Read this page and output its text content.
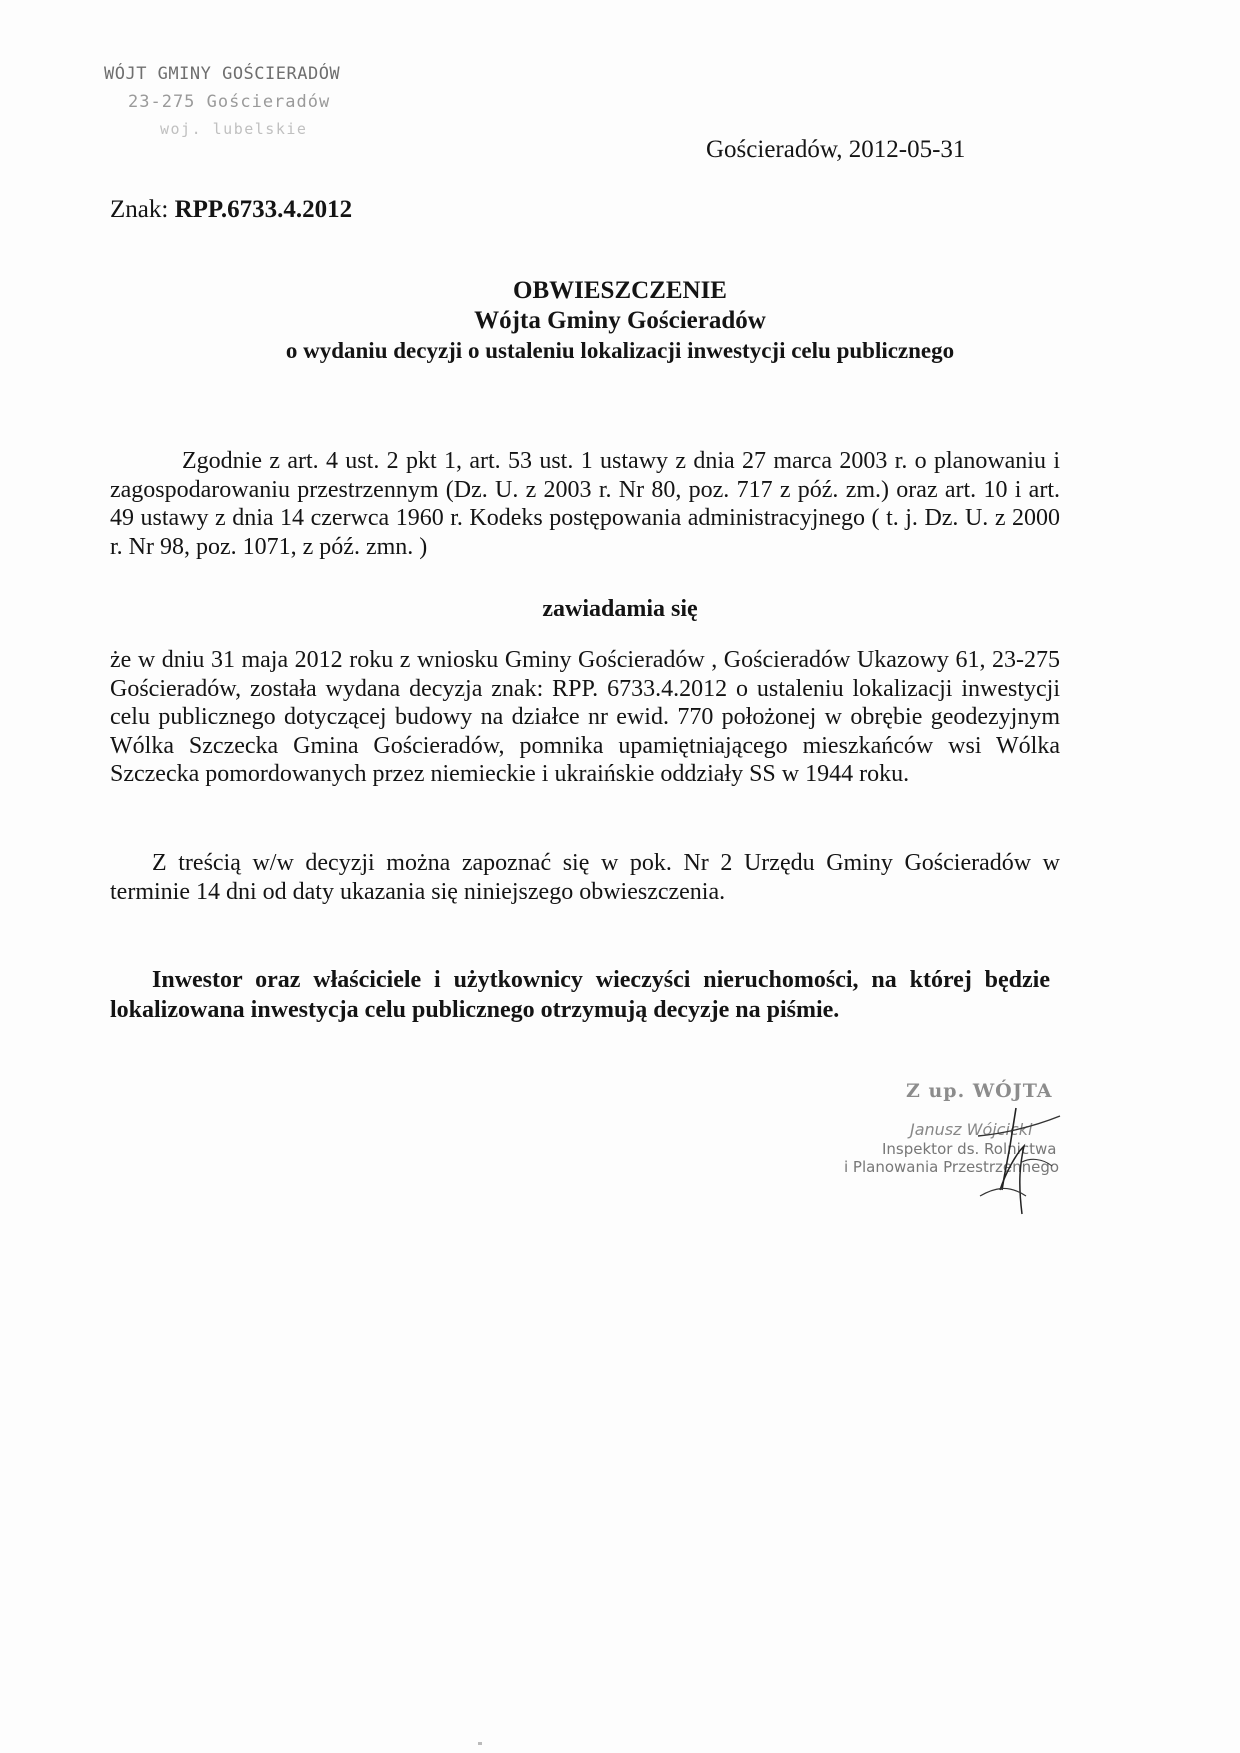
WÓJT GMINY GOŚCIERADÓW
23-275 Gościeradów
woj. lubelskie
Gościeradów, 2012-05-31
Znak: RPP.6733.4.2012
OBWIESZCZENIE
Wójta Gminy Gościeradów
o wydaniu decyzji o ustaleniu lokalizacji inwestycji celu publicznego
Zgodnie z art. 4 ust. 2 pkt 1, art. 53 ust. 1 ustawy z dnia 27 marca 2003 r. o planowaniu i zagospodarowaniu przestrzennym (Dz. U. z 2003 r. Nr 80, poz. 717 z póź. zm.) oraz art. 10 i art. 49 ustawy z dnia 14 czerwca 1960 r. Kodeks postępowania administracyjnego ( t. j. Dz. U. z 2000 r. Nr 98, poz. 1071, z póź. zmn. )
zawiadamia się
że w dniu 31 maja 2012 roku z wniosku Gminy Gościeradów , Gościeradów Ukazowy 61, 23-275 Gościeradów, została wydana decyzja znak: RPP. 6733.4.2012 o ustaleniu lokalizacji inwestycji celu publicznego dotyczącej budowy na działce nr ewid. 770 położonej w obrębie geodezyjnym Wólka Szczecka Gmina Gościeradów, pomnika upamiętniającego mieszkańców wsi Wólka Szczecka pomordowanych przez niemieckie i ukraińskie oddziały SS w 1944 roku.
Z treścią w/w decyzji można zapoznać się w pok. Nr 2 Urzędu Gminy Gościeradów w terminie 14 dni od daty ukazania się niniejszego obwieszczenia.
Inwestor oraz właściciele i użytkownicy wieczyści nieruchomości, na której będzie lokalizowana inwestycja celu publicznego otrzymują decyzje na piśmie.
Z up. WÓJTA
Janusz Wójcicki
Inspektor ds. Rolnictwa
i Planowania Przestrzennego
